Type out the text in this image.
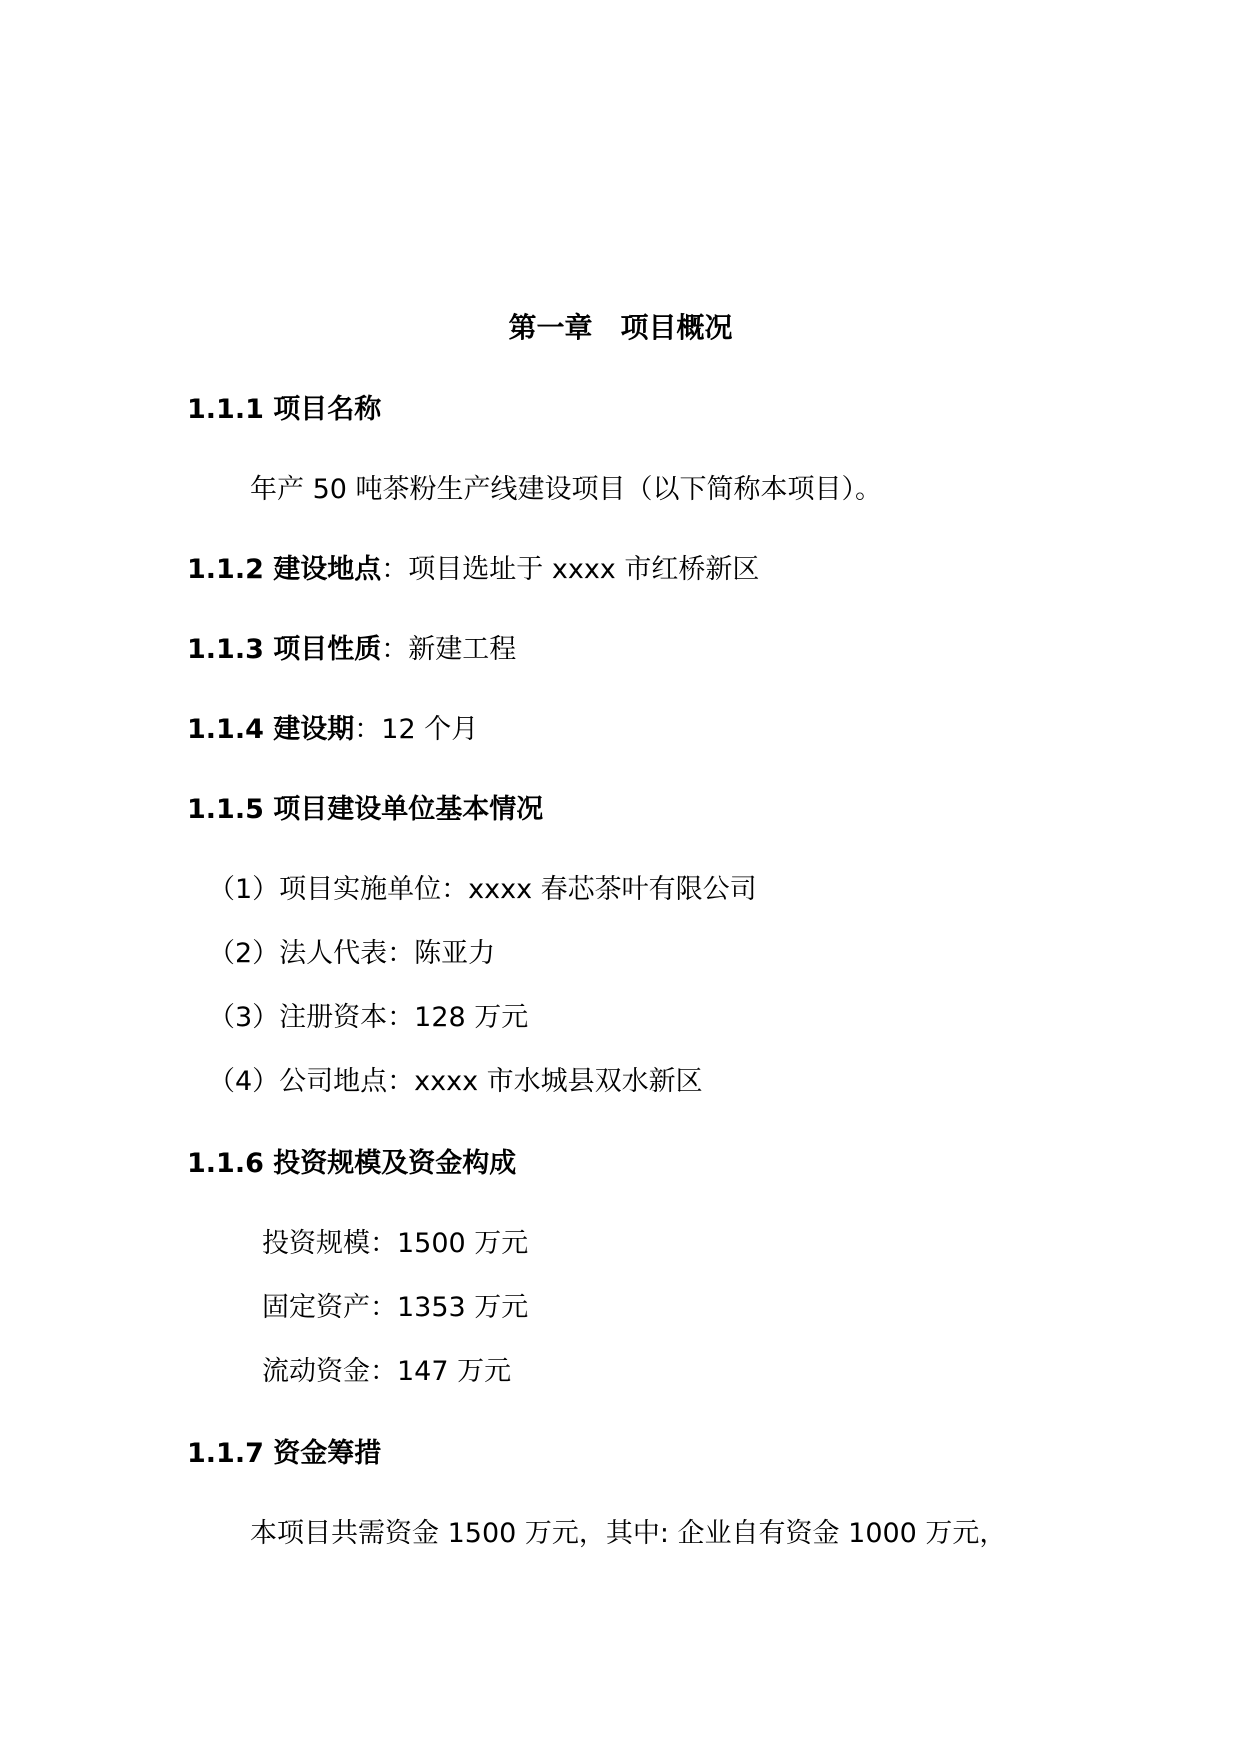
第一章　项目概况
1.1.1 项目名称
年产 50 吨茶粉生产线建设项目（以下简称本项目）。
1.1.2 建设地点：项目选址于 xxxx 市红桥新区
1.1.3 项目性质：新建工程
1.1.4 建设期：12 个月
1.1.5 项目建设单位基本情况
（1）项目实施单位：xxxx 春芯茶叶有限公司
（2）法人代表：陈亚力
（3）注册资本：128 万元
（4）公司地点：xxxx 市水城县双水新区
1.1.6 投资规模及资金构成
投资规模：1500 万元
固定资产：1353 万元
流动资金：147 万元
1.1.7 资金筹措
本项目共需资金 1500 万元，其中: 企业自有资金 1000 万元，
